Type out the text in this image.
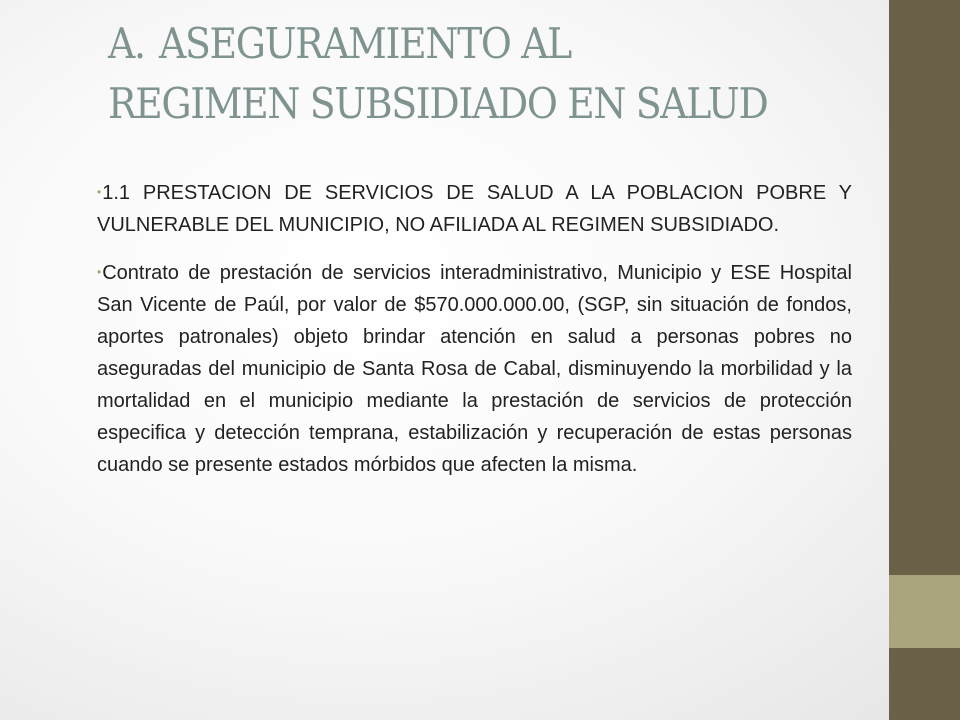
A. ASEGURAMIENTO AL
REGIMEN SUBSIDIADO EN SALUD
•1.1 PRESTACION DE SERVICIOS DE SALUD A LA POBLACION POBRE Y VULNERABLE DEL MUNICIPIO, NO AFILIADA AL REGIMEN SUBSIDIADO.
•Contrato de prestación de servicios interadministrativo, Municipio y ESE Hospital San Vicente de Paúl, por valor de $570.000.000.00, (SGP, sin situación de fondos, aportes patronales) objeto brindar atención en salud a personas pobres no aseguradas del municipio de Santa Rosa de Cabal, disminuyendo la morbilidad y la mortalidad en el municipio mediante la prestación de servicios de protección especifica y detección temprana, estabilización y recuperación de estas personas cuando se presente estados mórbidos que afecten la misma.
